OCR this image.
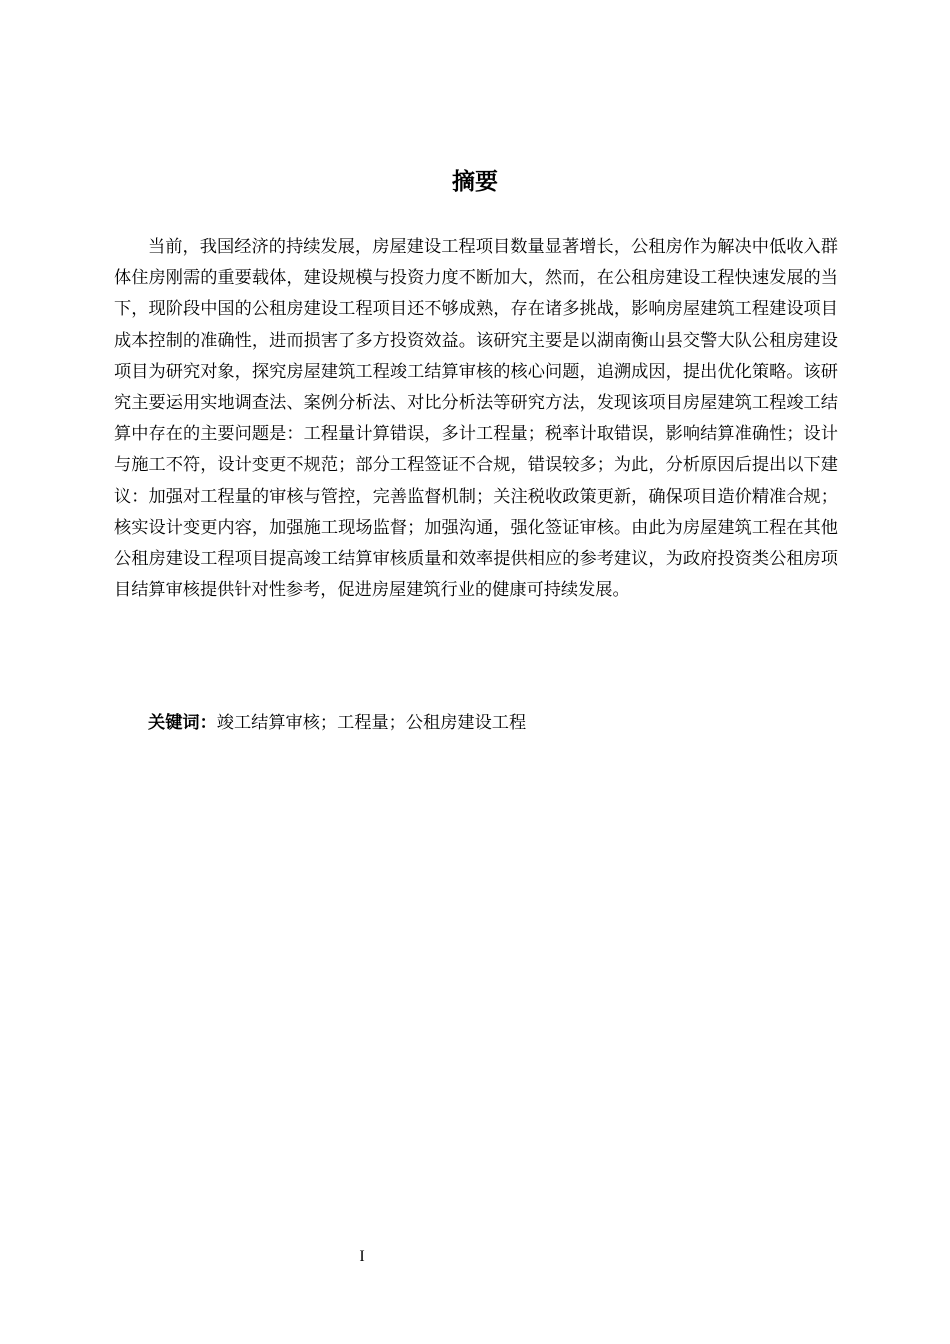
摘要

当前，我国经济的持续发展，房屋建设工程项目数量显著增长，公租房作为解决中低收入群体住房刚需的重要载体，建设规模与投资力度不断加大，然而，在公租房建设工程快速发展的当下，现阶段中国的公租房建设工程项目还不够成熟，存在诸多挑战，影响房屋建筑工程建设项目成本控制的准确性，进而损害了多方投资效益。该研究主要是以湖南衡山县交警大队公租房建设项目为研究对象，探究房屋建筑工程竣工结算审核的核心问题，追溯成因，提出优化策略。该研究主要运用实地调查法、案例分析法、对比分析法等研究方法，发现该项目房屋建筑工程竣工结算中存在的主要问题是：工程量计算错误，多计工程量；税率计取错误，影响结算准确性；设计与施工不符，设计变更不规范；部分工程签证不合规，错误较多；为此，分析原因后提出以下建议：加强对工程量的审核与管控，完善监督机制；关注税收政策更新，确保项目造价精准合规；核实设计变更内容，加强施工现场监督；加强沟通，强化签证审核。由此为房屋建筑工程在其他公租房建设工程项目提高竣工结算审核质量和效率提供相应的参考建议，为政府投资类公租房项目结算审核提供针对性参考，促进房屋建筑行业的健康可持续发展。

关键词：竣工结算审核；工程量；公租房建设工程

I
